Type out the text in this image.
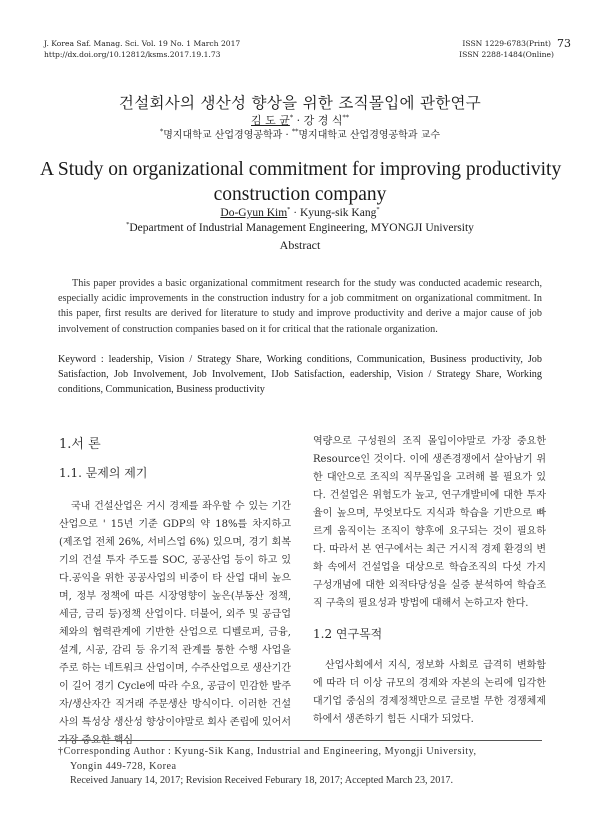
J. Korea Saf. Manag. Sci. Vol. 19 No. 1 March 2017
http://dx.doi.org/10.12812/ksms.2017.19.1.73
ISSN 1229-6783(Print) 73
ISSN 2288-1484(Online)
건설회사의 생산성 향상을 위한 조직몰입에 관한연구
김 도 균* · 강 경 식**
*명지대학교 산업경영공학과 · **명지대학교 산업경영공학과 교수
A Study on organizational commitment for improving productivity
construction company
Do-Gyun Kim* · Kyung-sik Kang*
*Department of Industrial Management Engineering, MYONGJI University
Abstract
This paper provides a basic organizational commitment research for the study was conducted academic research, especially acidic improvements in the construction industry for a job commitment on organizational commitment. In this paper, first results are derived for literature to study and improve productivity and derive a major cause of job involvement of construction companies based on it for critical that the rationale organization.
Keyword : leadership, Vision / Strategy Share, Working conditions, Communication, Business productivity, Job Satisfaction, Job Involvement, Job Involvement, IJob Satisfaction, eadership, Vision / Strategy Share, Working conditions, Communication, Business productivity

1.서 론

1.1. 문제의 제기

국내 건설산업은 거시 경제를 좌우할 수 있는 기간산업으로 ' 15년 기준 GDP의 약 18%를 차지하고 (제조업 전체 26%, 서비스업 6%) 있으며, 경기 회복기의 건설 투자 주도를 SOC, 공공산업 등이 하고 있다.공익을 위한 공공사업의 비중이 타 산업 대비 높으며, 정부 정책에 따른 시장영향이 높은(부동산 정책, 세금, 금리 등)정책 산업이다. 더불어, 외주 및 공급업체와의 협력관계에 기반한 산업으로 디벨로퍼, 금융, 설계, 시공, 감리 등 유기적 관계를 통한 수행 사업을 주로 하는 네트워크 산업이며, 수주산업으로 생산기간이 길어 경기 Cycle에 따라 수요, 공급이 민감한 발주자/생산자간 직거래 주문생산 방식이다. 이러한 건설사의 특성상 생산성 향상이야말로 회사 존립에 있어서 가장 중요한 핵심
역량으로 구성원의 조직 몰입이야말로 가장 중요한 Resource인 것이다. 이에 생존경쟁에서 살아남기 위한 대안으로 조직의 직무몰입을 고려해 볼 필요가 있다. 건설업은 위험도가 높고, 연구개발비에 대한 투자율이 높으며, 무엇보다도 지식과 학습을 기반으로 빠르게 움직이는 조직이 향후에 요구되는 것이 필요하다. 따라서 본 연구에서는 최근 거시적 경제 환경의 변화 속에서 건설업을 대상으로 학습조직의 다섯 가지 구성개념에 대한 외적타당성을 실증 분석하여 학습조직 구축의 필요성과 방법에 대해서 논하고자 한다.

1.2 연구목적

산업사회에서 지식, 정보화 사회로 급격히 변화함에 따라 더 이상 규모의 경제와 자본의 논리에 입각한 대기업 중심의 경제정책만으로 글로벌 무한 경쟁체제하에서 생존하기 힘든 시대가 되었다.

†Corresponding Author : Kyung-Sik Kang, Industrial and Engineering, Myongji University,

Yongin 449-728, Korea

Received January 14, 2017; Revision Received Feburary 18, 2017; Accepted March 23, 2017.
